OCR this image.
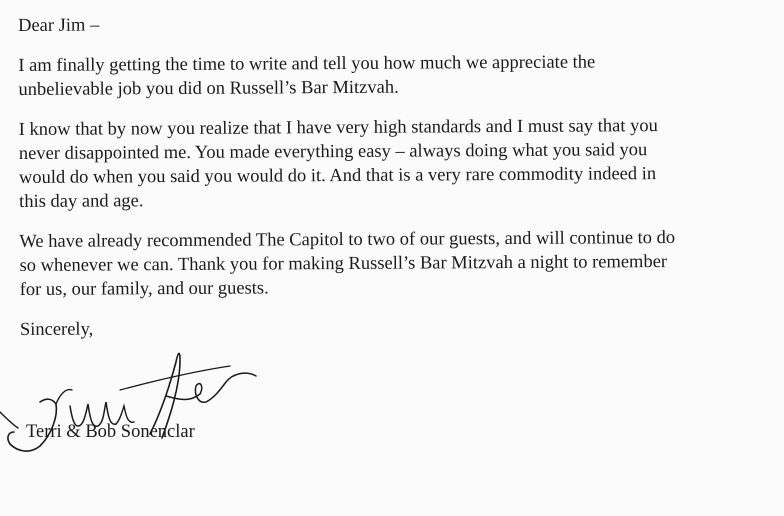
Dear Jim –
I am finally getting the time to write and tell you how much we appreciate the
unbelievable job you did on Russell’s Bar Mitzvah.
I know that by now you realize that I have very high standards and I must say that you
never disappointed me. You made everything easy – always doing what you said you
would do when you said you would do it. And that is a very rare commodity indeed in
this day and age.
We have already recommended The Capitol to two of our guests, and will continue to do
so whenever we can. Thank you for making Russell’s Bar Mitzvah a night to remember
for us, our family, and our guests.
Sincerely,
Terri & Bob Sonenclar
